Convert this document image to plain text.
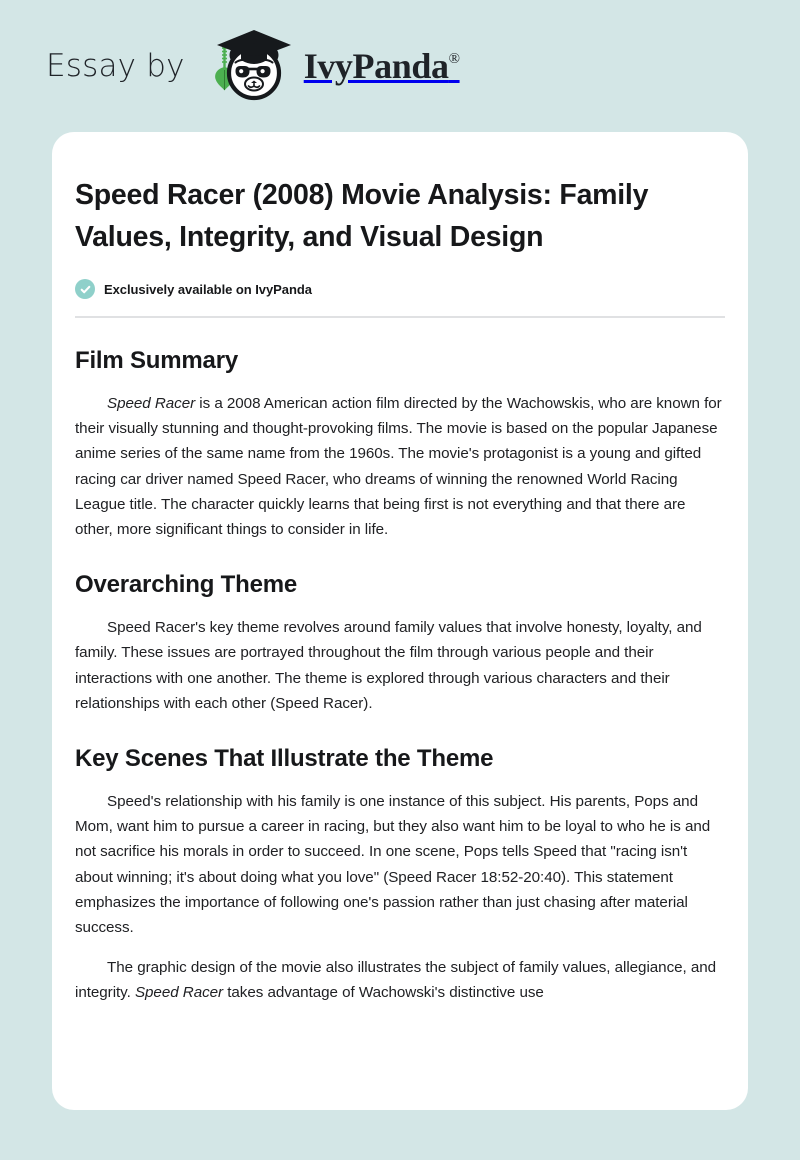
Essay by	IvyPanda®
Speed Racer (2008) Movie Analysis: Family Values, Integrity, and Visual Design
Exclusively available on IvyPanda
Film Summary

Speed Racer is a 2008 American action film directed by the Wachowskis, who are known for their visually stunning and thought-provoking films. The movie is based on the popular Japanese anime series of the same name from the 1960s. The movie's protagonist is a young and gifted racing car driver named Speed Racer, who dreams of winning the renowned World Racing League title. The character quickly learns that being first is not everything and that there are other, more significant things to consider in life.

Overarching Theme

Speed Racer's key theme revolves around family values that involve honesty, loyalty, and family. These issues are portrayed throughout the film through various people and their interactions with one another. The theme is explored through various characters and their relationships with each other (Speed Racer).

Key Scenes That Illustrate the Theme

Speed's relationship with his family is one instance of this subject. His parents, Pops and Mom, want him to pursue a career in racing, but they also want him to be loyal to who he is and not sacrifice his morals in order to succeed. In one scene, Pops tells Speed that "racing isn't about winning; it's about doing what you love" (Speed Racer 18:52-20:40). This statement emphasizes the importance of following one's passion rather than just chasing after material success.

The graphic design of the movie also illustrates the subject of family values, allegiance, and integrity. Speed Racer takes advantage of Wachowski's distinctive use
